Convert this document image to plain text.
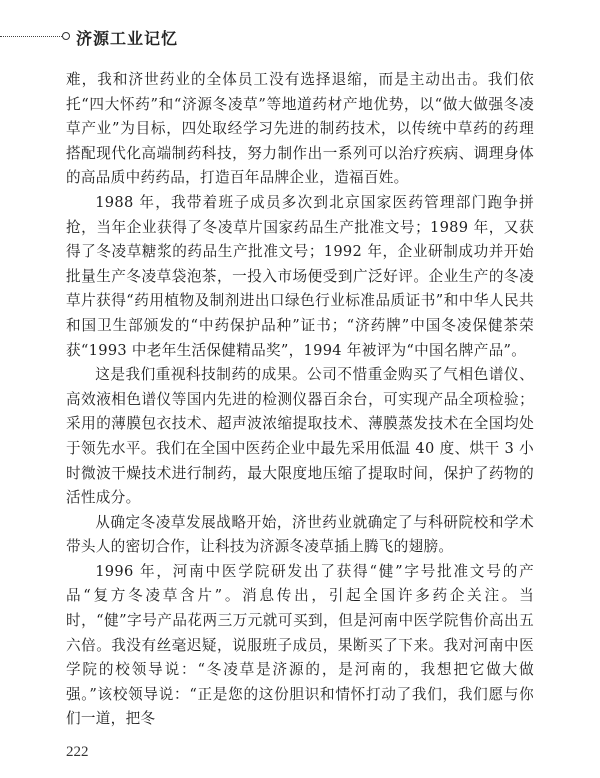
济源工业记忆

难，我和济世药业的全体员工没有选择退缩，而是主动出击。我们依托“四大怀药”和“济源冬凌草”等地道药材产地优势，以“做大做强冬凌草产业”为目标，四处取经学习先进的制药技术，以传统中草药的药理搭配现代化高端制药科技，努力制作出一系列可以治疗疾病、调理身体的高品质中药药品，打造百年品牌企业，造福百姓。

1988 年，我带着班子成员多次到北京国家医药管理部门跑争拼抢，当年企业获得了冬凌草片国家药品生产批准文号；1989 年，又获得了冬凌草糖浆的药品生产批准文号；1992 年，企业研制成功并开始批量生产冬凌草袋泡茶，一投入市场便受到广泛好评。企业生产的冬凌草片获得“药用植物及制剂进出口绿色行业标准品质证书”和中华人民共和国卫生部颁发的“中药保护品种”证书；“济药牌”中国冬凌保健茶荣获“1993 中老年生活保健精品奖”，1994 年被评为“中国名牌产品”。

这是我们重视科技制药的成果。公司不惜重金购买了气相色谱仪、高效液相色谱仪等国内先进的检测仪器百余台，可实现产品全项检验；采用的薄膜包衣技术、超声波浓缩提取技术、薄膜蒸发技术在全国均处于领先水平。我们在全国中医药企业中最先采用低温 40 度、烘干 3 小时微波干燥技术进行制药，最大限度地压缩了提取时间，保护了药物的活性成分。

从确定冬凌草发展战略开始，济世药业就确定了与科研院校和学术带头人的密切合作，让科技为济源冬凌草插上腾飞的翅膀。

1996 年，河南中医学院研发出了获得“健”字号批准文号的产品“复方冬凌草含片”。消息传出，引起全国许多药企关注。当时，“健”字号产品花两三万元就可买到，但是河南中医学院售价高出五六倍。我没有丝毫迟疑，说服班子成员，果断买了下来。我对河南中医学院的校领导说：“冬凌草是济源的，是河南的，我想把它做大做强。”该校领导说：“正是您的这份胆识和情怀打动了我们，我们愿与你们一道，把冬

222
